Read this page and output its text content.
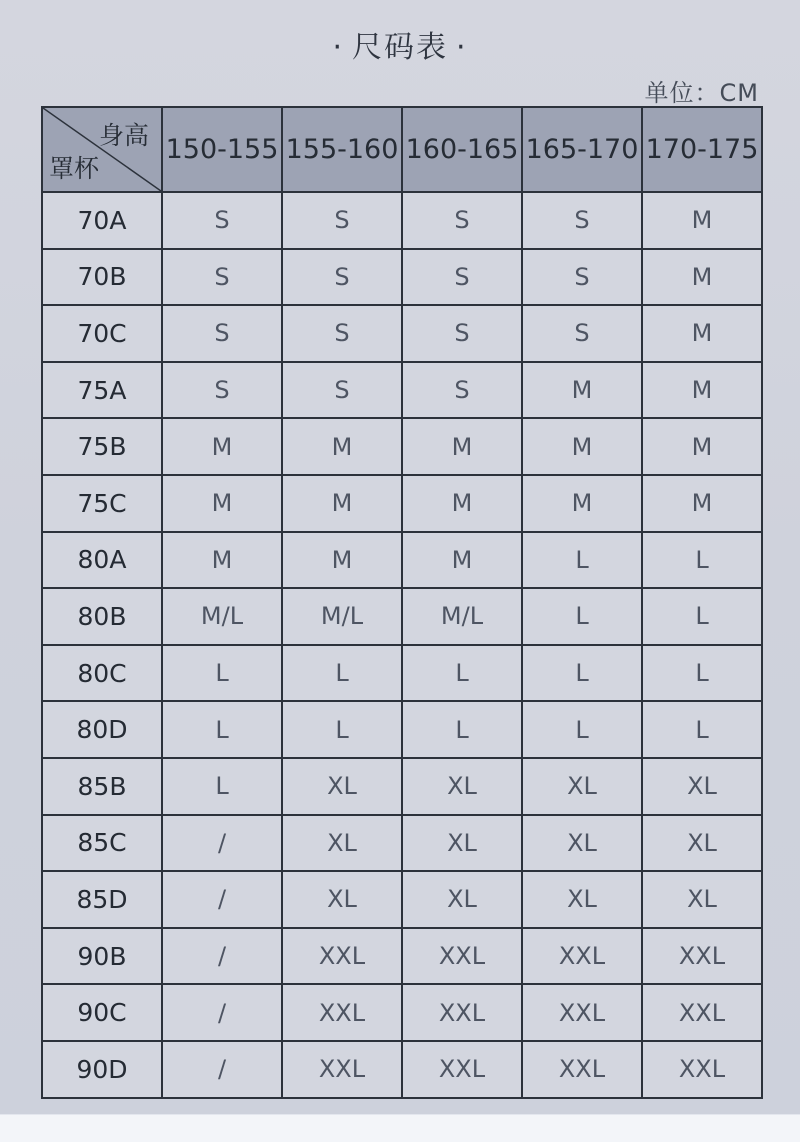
· 尺码表 ·
单位：CM
身高
罩杯	150-155	155-160	160-165	165-170	170-175
70A	S	S	S	S	M
70B	S	S	S	S	M
70C	S	S	S	S	M
75A	S	S	S	M	M
75B	M	M	M	M	M
75C	M	M	M	M	M
80A	M	M	M	L	L
80B	M/L	M/L	M/L	L	L
80C	L	L	L	L	L
80D	L	L	L	L	L
85B	L	XL	XL	XL	XL
85C	/	XL	XL	XL	XL
85D	/	XL	XL	XL	XL
90B	/	XXL	XXL	XXL	XXL
90C	/	XXL	XXL	XXL	XXL
90D	/	XXL	XXL	XXL	XXL
